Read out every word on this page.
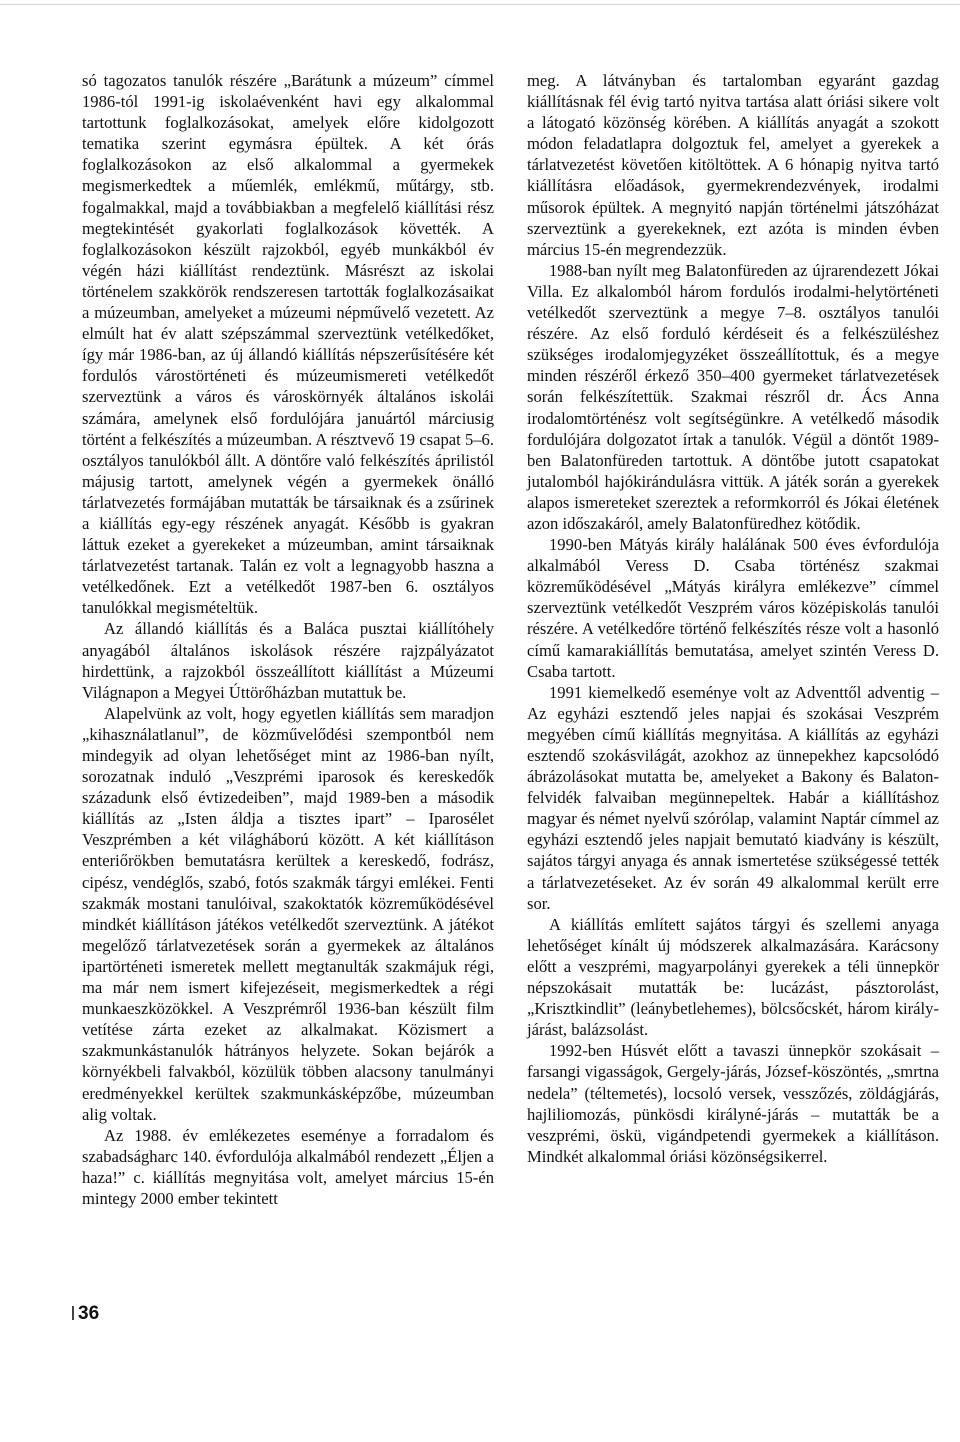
só tagozatos tanulók részére „Barátunk a múzeum” címmel 1986-tól 1991-ig iskolaévenként havi egy alkalommal tartottunk foglalkozásokat, amelyek előre kidolgozott tematika szerint egymásra épültek. A két órás foglalkozásokon az első alkalommal a gyermekek megismerkedtek a műemlék, emlékmű, műtárgy, stb. fogalmakkal, majd a továbbiakban a megfelelő kiállítási rész megtekintését gyakorlati foglalkozások követték. A foglalkozásokon készült rajzokból, egyéb munkákból év végén házi kiállítást rendeztünk. Másrészt az iskolai történelem szakkörök rendszeresen tartották foglalkozásaikat a múzeumban, amelyeket a múzeumi népművelő vezetett. Az elmúlt hat év alatt szépszámmal szerveztünk vetélkedőket, így már 1986-ban, az új állandó kiállítás népszerűsítésére két fordulós várostörténeti és múzeumismereti vetélkedőt szerveztünk a város és városkörnyék általános iskolái számára, amelynek első fordulójára januártól márciusig történt a felkészítés a múzeumban. A résztvevő 19 csapat 5–6. osztályos tanulókból állt. A döntőre való felkészítés áprilistól májusig tartott, amelynek végén a gyermekek önálló tárlatvezetés formájában mutatták be társaiknak és a zsűrinek a kiállítás egy-egy részének anyagát. Később is gyakran láttuk ezeket a gyerekeket a múzeumban, amint társaiknak tárlatvezetést tartanak. Talán ez volt a legnagyobb haszna a vetélkedőnek. Ezt a vetélkedőt 1987-ben 6. osztályos tanulókkal megismételtük.

Az állandó kiállítás és a Baláca pusztai kiállítóhely anyagából általános iskolások részére rajzpályázatot hirdettünk, a rajzokból összeállított kiállítást a Múzeumi Világnapon a Megyei Úttörőházban mutattuk be.

Alapelvünk az volt, hogy egyetlen kiállítás sem maradjon „kihasználatlanul”, de közművelődési szempontból nem mindegyik ad olyan lehetőséget mint az 1986-ban nyílt, sorozatnak induló „Veszprémi iparosok és kereskedők századunk első évtizedeiben”, majd 1989-ben a második kiállítás az „Isten áldja a tisztes ipart” – Iparosélet Veszprémben a két világháború között. A két kiállításon enteriőrökben bemutatásra kerültek a kereskedő, fodrász, cipész, vendéglős, szabó, fotós szakmák tárgyi emlékei. Fenti szakmák mostani tanulóival, szakoktatók közreműködésével mindkét kiállításon játékos vetélkedőt szerveztünk. A játékot megelőző tárlatvezetések során a gyermekek az általános ipartörténeti ismeretek mellett megtanulták szakmájuk régi, ma már nem ismert kifejezéseit, megismerkedtek a régi munkaeszközökkel. A Veszprémről 1936-ban készült film vetítése zárta ezeket az alkalmakat. Közismert a szakmunkástanulók hátrányos helyzete. Sokan bejárók a környékbeli falvakból, közülük többen alacsony tanulmányi eredményekkel kerültek szakmunkásképzőbe, múzeumban alig voltak.

Az 1988. év emlékezetes eseménye a forradalom és szabadságharc 140. évfordulója alkalmából rendezett „Éljen a haza!” c. kiállítás megnyitása volt, amelyet március 15-én mintegy 2000 ember tekintett

meg. A látványban és tartalomban egyaránt gazdag kiállításnak fél évig tartó nyitva tartása alatt óriási sikere volt a látogató közönség körében. A kiállítás anyagát a szokott módon feladatlapra dolgoztuk fel, amelyet a gyerekek a tárlatvezetést követően kitöltöttek. A 6 hónapig nyitva tartó kiállításra előadások, gyermekrendezvények, irodalmi műsorok épültek. A megnyitó napján történelmi játszóházat szerveztünk a gyerekeknek, ezt azóta is minden évben március 15-én megrendezzük.

1988-ban nyílt meg Balatonfüreden az újrarendezett Jókai Villa. Ez alkalomból három fordulós irodalmi-helytörténeti vetélkedőt szerveztünk a megye 7–8. osztályos tanulói részére. Az első forduló kérdéseit és a felkészüléshez szükséges irodalomjegyzéket összeállítottuk, és a megye minden részéről érkező 350–400 gyermeket tárlatvezetések során felkészítettük. Szakmai részről dr. Ács Anna irodalomtörténész volt segítségünkre. A vetélkedő második fordulójára dolgozatot írtak a tanulók. Végül a döntőt 1989-ben Balatonfüreden tartottuk. A döntőbe jutott csapatokat jutalomból hajókirándulásra vittük. A játék során a gyerekek alapos ismereteket szereztek a reformkorról és Jókai életének azon időszakáról, amely Balatonfüredhez kötődik.

1990-ben Mátyás király halálának 500 éves évfordulója alkalmából Veress D. Csaba történész szakmai közreműködésével „Mátyás királyra emlékezve” címmel szerveztünk vetélkedőt Veszprém város középiskolás tanulói részére. A vetélkedőre történő felkészítés része volt a hasonló című kamarakiállítás bemutatása, amelyet szintén Veress D. Csaba tartott.

1991 kiemelkedő eseménye volt az Adventtől adventig – Az egyházi esztendő jeles napjai és szokásai Veszprém megyében című kiállítás megnyitása. A kiállítás az egyházi esztendő szokásvilágát, azokhoz az ünnepekhez kapcsolódó ábrázolásokat mutatta be, amelyeket a Bakony és Balaton-felvidék falvaiban megünnepeltek. Habár a kiállításhoz magyar és német nyelvű szórólap, valamint Naptár címmel az egyházi esztendő jeles napjait bemutató kiadvány is készült, sajátos tárgyi anyaga és annak ismertetése szükségessé tették a tárlatvezetéseket. Az év során 49 alkalommal került erre sor.

A kiállítás említett sajátos tárgyi és szellemi anyaga lehetőséget kínált új módszerek alkalmazására. Karácsony előtt a veszprémi, magyarpolányi gyerekek a téli ünnepkör népszokásait mutatták be: lucázást, pásztorolást, „Krisztkindlit” (leánybetlehemes), bölcsőcskét, három király-járást, balázsolást.

1992-ben Húsvét előtt a tavaszi ünnepkör szokásait – farsangi vigasságok, Gergely-járás, József-köszöntés, „smrtna nedela” (téltemetés), locsoló versek, vesszőzés, zöldágjárás, hajliliomozás, pünkösdi királyné-járás – mutatták be a veszprémi, öskü, vigándpetendi gyermekek a kiállításon. Mindkét alkalommal óriási közönségsikerrel.

36
